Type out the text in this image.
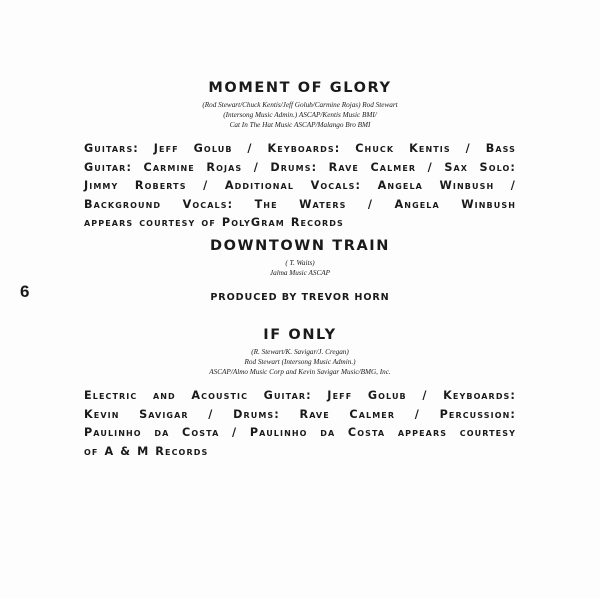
6
MOMENT OF GLORY
(Rod Stewart/Chuck Kentis/Jeff Golub/Carmine Rojas) Rod Stewart
(Intersong Music Admin.) ASCAP/Kentis Music BMI/
Cat In The Hat Music ASCAP/Malango Bro BMI
Guitars: Jeff Golub / Keyboards: Chuck Kentis / Bass
Guitar: Carmine Rojas / Drums: Rave Calmer / Sax Solo:
Jimmy Roberts / Additional Vocals: Angela Winbush /
Background Vocals: The Waters / Angela Winbush
appears courtesy of PolyGram Records
DOWNTOWN TRAIN
( T. Waits)
Jalma Music ASCAP
PRODUCED BY TREVOR HORN
IF ONLY
(R. Stewart/K. Savigar/J. Cregan)
Rod Stewart (Intersong Music Admin.)
ASCAP/Almo Music Corp and Kevin Savigar Music/BMG, Inc.
Electric and Acoustic Guitar: Jeff Golub / Keyboards:
Kevin Savigar / Drums: Rave Calmer / Percussion:
Paulinho da Costa / Paulinho da Costa appears courtesy
of A & M Records
